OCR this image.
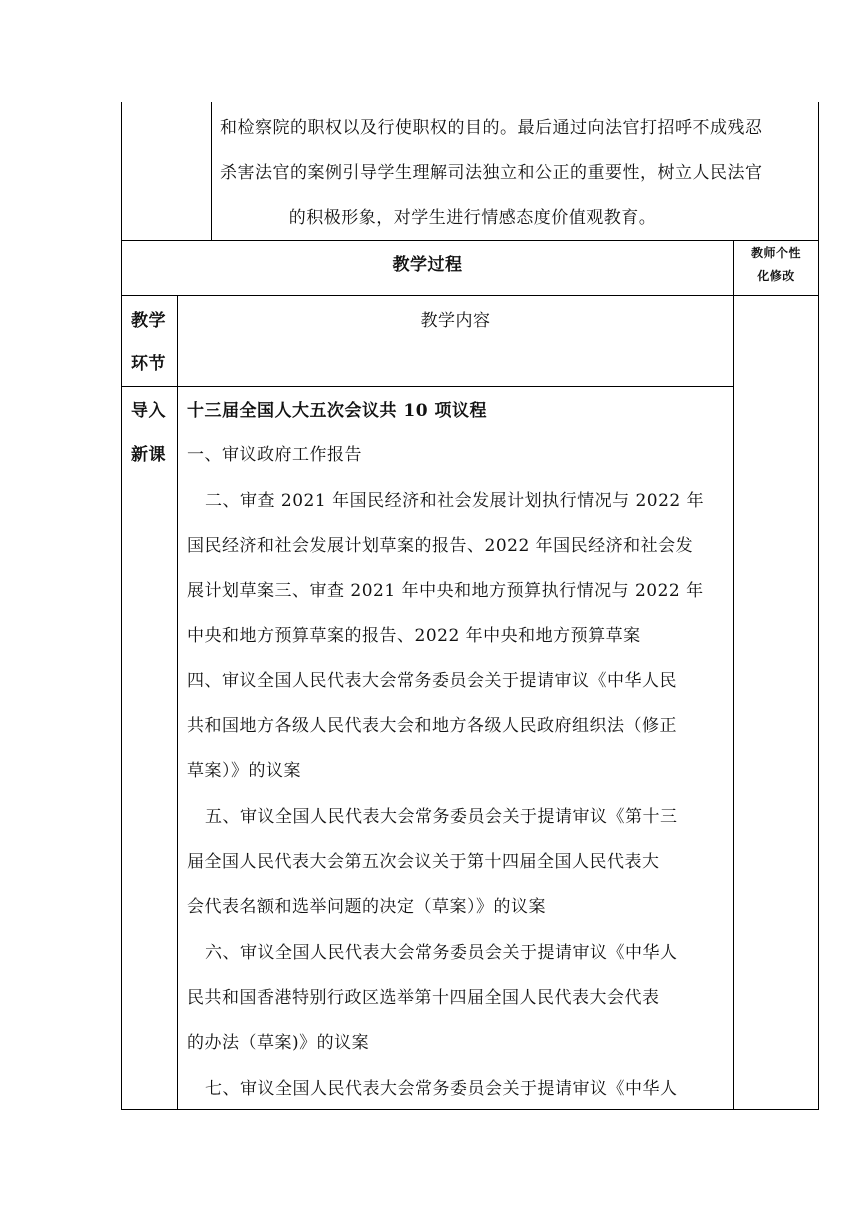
和检察院的职权以及行使职权的目的。最后通过向法官打招呼不成残忍
杀害法官的案例引导学生理解司法独立和公正的重要性，树立人民法官
的积极形象，对学生进行情感态度价值观教育。
教学过程
教师个性
化修改
教学
环节
教学内容
导入
新课
十三届全国人大五次会议共 10 项议程
一、审议政府工作报告
二、审查 2021 年国民经济和社会发展计划执行情况与 2022 年
国民经济和社会发展计划草案的报告、2022 年国民经济和社会发
展计划草案三、审查 2021 年中央和地方预算执行情况与 2022 年
中央和地方预算草案的报告、2022 年中央和地方预算草案
四、审议全国人民代表大会常务委员会关于提请审议《中华人民
共和国地方各级人民代表大会和地方各级人民政府组织法（修正
草案）》的议案
五、审议全国人民代表大会常务委员会关于提请审议《第十三
届全国人民代表大会第五次会议关于第十四届全国人民代表大
会代表名额和选举问题的决定（草案）》的议案
六、审议全国人民代表大会常务委员会关于提请审议《中华人
民共和国香港特别行政区选举第十四届全国人民代表大会代表
的办法（草案)》的议案
七、审议全国人民代表大会常务委员会关于提请审议《中华人
